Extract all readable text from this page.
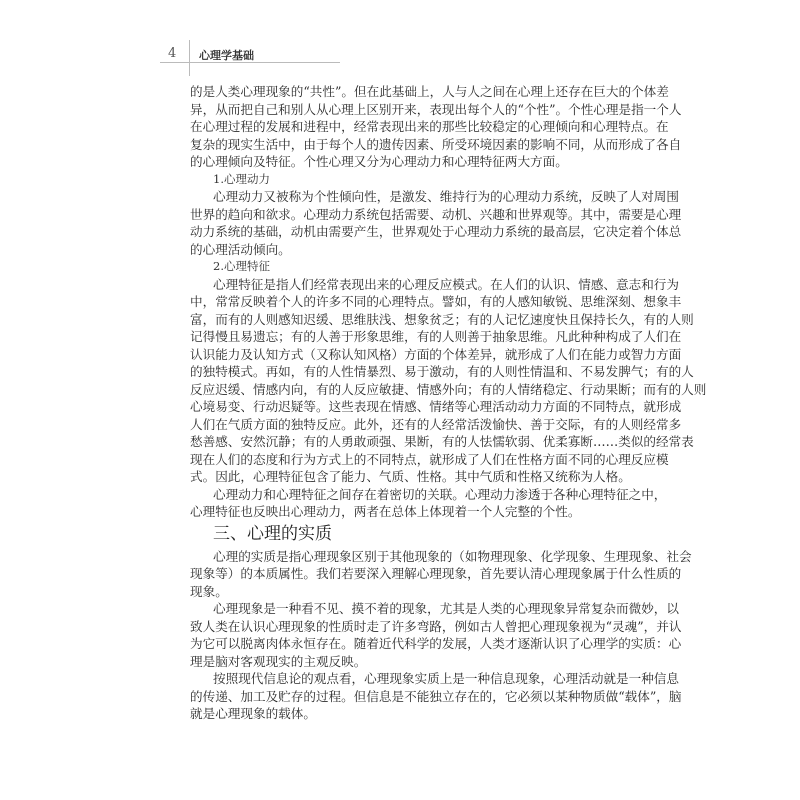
4 心理学基础
的是人类心理现象的“共性”。但在此基础上，人与人之间在心理上还存在巨大的个体差
异，从而把自己和别人从心理上区别开来，表现出每个人的“个性”。个性心理是指一个人
在心理过程的发展和进程中，经常表现出来的那些比较稳定的心理倾向和心理特点。在
复杂的现实生活中，由于每个人的遗传因素、所受环境因素的影响不同，从而形成了各自
的心理倾向及特征。个性心理又分为心理动力和心理特征两大方面。
1.心理动力
心理动力又被称为个性倾向性，是激发、维持行为的心理动力系统，反映了人对周围
世界的趋向和欲求。心理动力系统包括需要、动机、兴趣和世界观等。其中，需要是心理
动力系统的基础，动机由需要产生，世界观处于心理动力系统的最高层，它决定着个体总
的心理活动倾向。
2.心理特征
心理特征是指人们经常表现出来的心理反应模式。在人们的认识、情感、意志和行为
中，常常反映着个人的许多不同的心理特点。譬如，有的人感知敏锐、思维深刻、想象丰
富，而有的人则感知迟缓、思维肤浅、想象贫乏；有的人记忆速度快且保持长久，有的人则
记得慢且易遗忘；有的人善于形象思维，有的人则善于抽象思维。凡此种种构成了人们在
认识能力及认知方式（又称认知风格）方面的个体差异，就形成了人们在能力或智力方面
的独特模式。再如，有的人性情暴烈、易于激动，有的人则性情温和、不易发脾气；有的人
反应迟缓、情感内向，有的人反应敏捷、情感外向；有的人情绪稳定、行动果断；而有的人则
心境易变、行动迟疑等。这些表现在情感、情绪等心理活动动力方面的不同特点，就形成
人们在气质方面的独特反应。此外，还有的人经常活泼愉快、善于交际，有的人则经常多
愁善感、安然沉静；有的人勇敢顽强、果断，有的人怯懦软弱、优柔寡断……类似的经常表
现在人们的态度和行为方式上的不同特点，就形成了人们在性格方面不同的心理反应模
式。因此，心理特征包含了能力、气质、性格。其中气质和性格又统称为人格。
心理动力和心理特征之间存在着密切的关联。心理动力渗透于各种心理特征之中，
心理特征也反映出心理动力，两者在总体上体现着一个人完整的个性。
三、心理的实质
心理的实质是指心理现象区别于其他现象的（如物理现象、化学现象、生理现象、社会
现象等）的本质属性。我们若要深入理解心理现象，首先要认清心理现象属于什么性质的
现象。
心理现象是一种看不见、摸不着的现象，尤其是人类的心理现象异常复杂而微妙，以
致人类在认识心理现象的性质时走了许多弯路，例如古人曾把心理现象视为“灵魂”，并认
为它可以脱离肉体永恒存在。随着近代科学的发展，人类才逐渐认识了心理学的实质：心
理是脑对客观现实的主观反映。
按照现代信息论的观点看，心理现象实质上是一种信息现象，心理活动就是一种信息
的传递、加工及贮存的过程。但信息是不能独立存在的，它必须以某种物质做“载体”，脑
就是心理现象的载体。
